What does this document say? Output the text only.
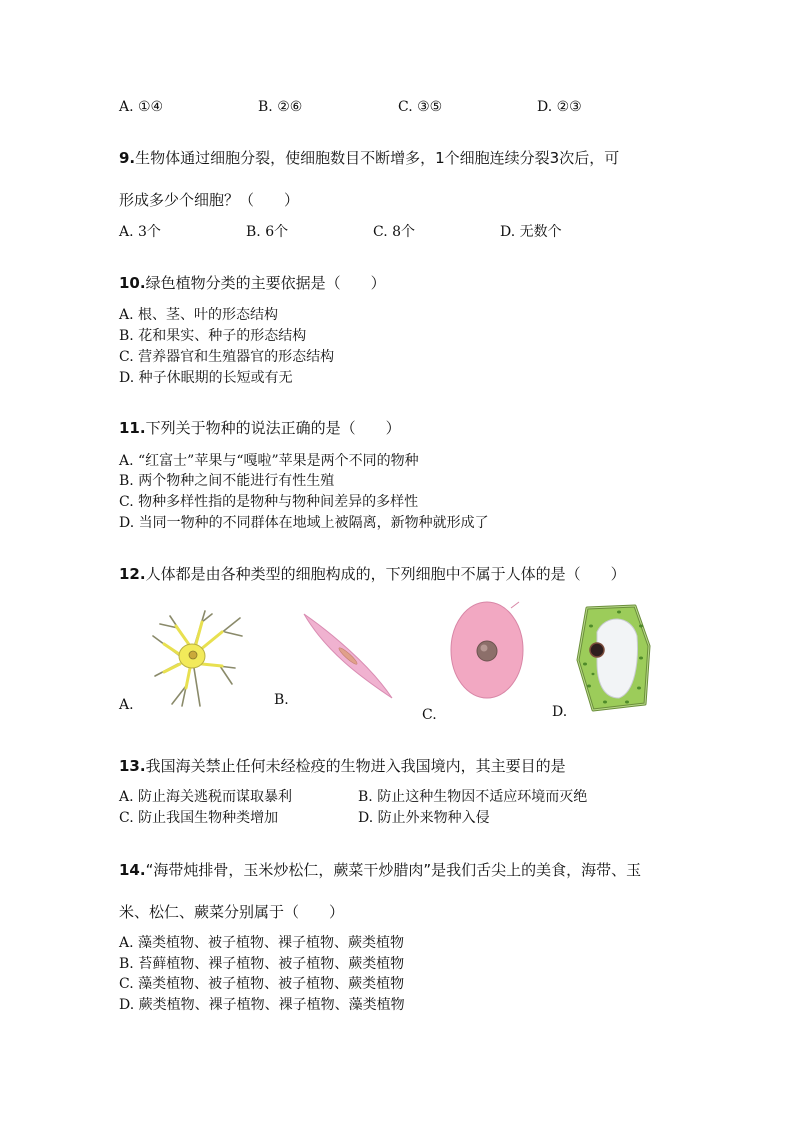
A. ①④	B. ②⑥	C. ③⑤	D. ②③
9.生物体通过细胞分裂，使细胞数目不断增多，1个细胞连续分裂3次后，可
形成多少个细胞？（　　）
A. 3个	B. 6个	C. 8个	D. 无数个
10.绿色植物分类的主要依据是（　　）
A. 根、茎、叶的形态结构
B. 花和果实、种子的形态结构
C. 营养器官和生殖器官的形态结构
D. 种子休眠期的长短或有无
11.下列关于物种的说法正确的是（　　）
A. “红富士”苹果与“嘎啦”苹果是两个不同的物种
B. 两个物种之间不能进行有性生殖
C. 物种多样性指的是物种与物种间差异的多样性
D. 当同一物种的不同群体在地域上被隔离，新物种就形成了
12.人体都是由各种类型的细胞构成的，下列细胞中不属于人体的是（　　）
A.	B.
C.	D.
13.我国海关禁止任何未经检疫的生物进入我国境内，其主要目的是
A. 防止海关逃税而谋取暴利	B. 防止这种生物因不适应环境而灭绝
C. 防止我国生物种类增加	D. 防止外来物种入侵
14.“海带炖排骨，玉米炒松仁，蕨菜干炒腊肉”是我们舌尖上的美食，海带、玉
米、松仁、蕨菜分别属于（　　）
A. 藻类植物、被子植物、裸子植物、蕨类植物
B. 苔藓植物、裸子植物、被子植物、蕨类植物
C. 藻类植物、被子植物、被子植物、蕨类植物
D. 蕨类植物、裸子植物、裸子植物、藻类植物
